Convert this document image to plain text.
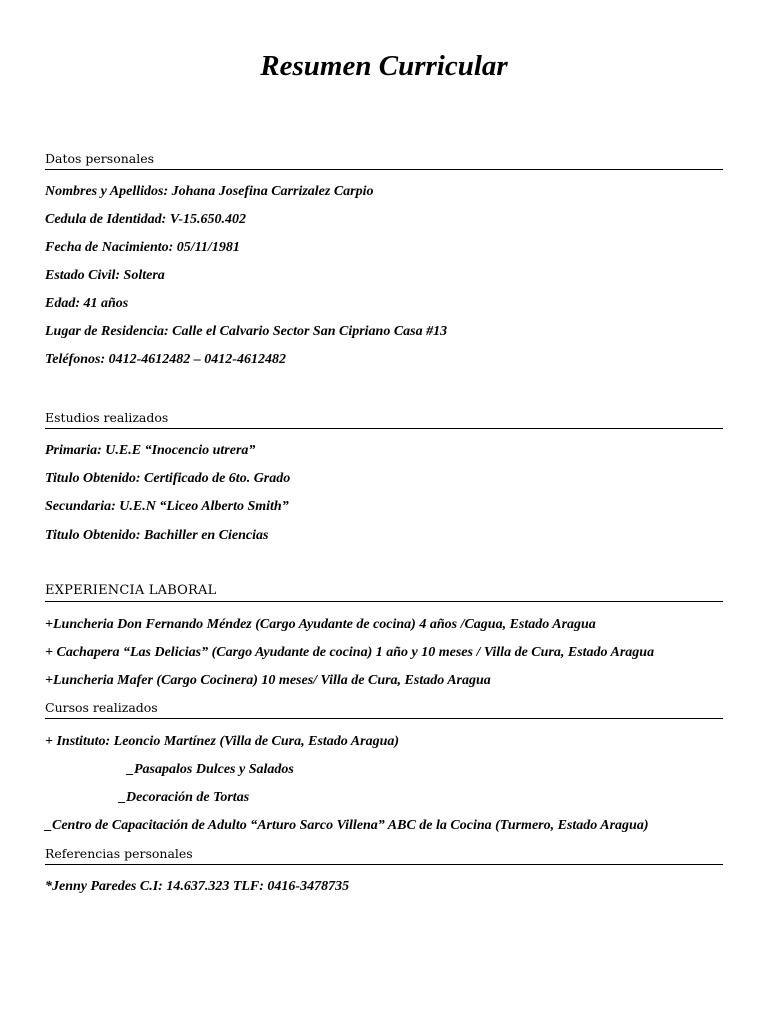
Resumen Curricular
Datos personales
Nombres y Apellidos: Johana Josefina Carrizalez Carpio
Cedula de Identidad: V-15.650.402
Fecha de Nacimiento: 05/11/1981
Estado Civil: Soltera
Edad: 41 años
Lugar de Residencia: Calle el Calvario Sector San Cipriano Casa #13
Teléfonos: 0412-4612482 – 0412-4612482
Estudios realizados
Primaria: U.E.E “Inocencio utrera”
Titulo Obtenido: Certificado de 6to. Grado
Secundaria: U.E.N “Liceo Alberto Smith”
Titulo Obtenido: Bachiller en Ciencias
EXPERIENCIA LABORAL
+Luncheria Don Fernando Méndez (Cargo Ayudante de cocina) 4 años /Cagua, Estado Aragua
+ Cachapera “Las Delicias” (Cargo Ayudante de cocina) 1 año y 10 meses / Villa de Cura, Estado Aragua
+Luncheria Mafer (Cargo Cocinera) 10 meses/ Villa de Cura, Estado Aragua
Cursos realizados
+ Instituto: Leoncio Martínez (Villa de Cura, Estado Aragua)
_Pasapalos Dulces y Salados
_Decoración de Tortas
_Centro de Capacitación de Adulto “Arturo Sarco Villena” ABC de la Cocina (Turmero, Estado Aragua)
Referencias personales
*Jenny Paredes C.I: 14.637.323 TLF: 0416-3478735
